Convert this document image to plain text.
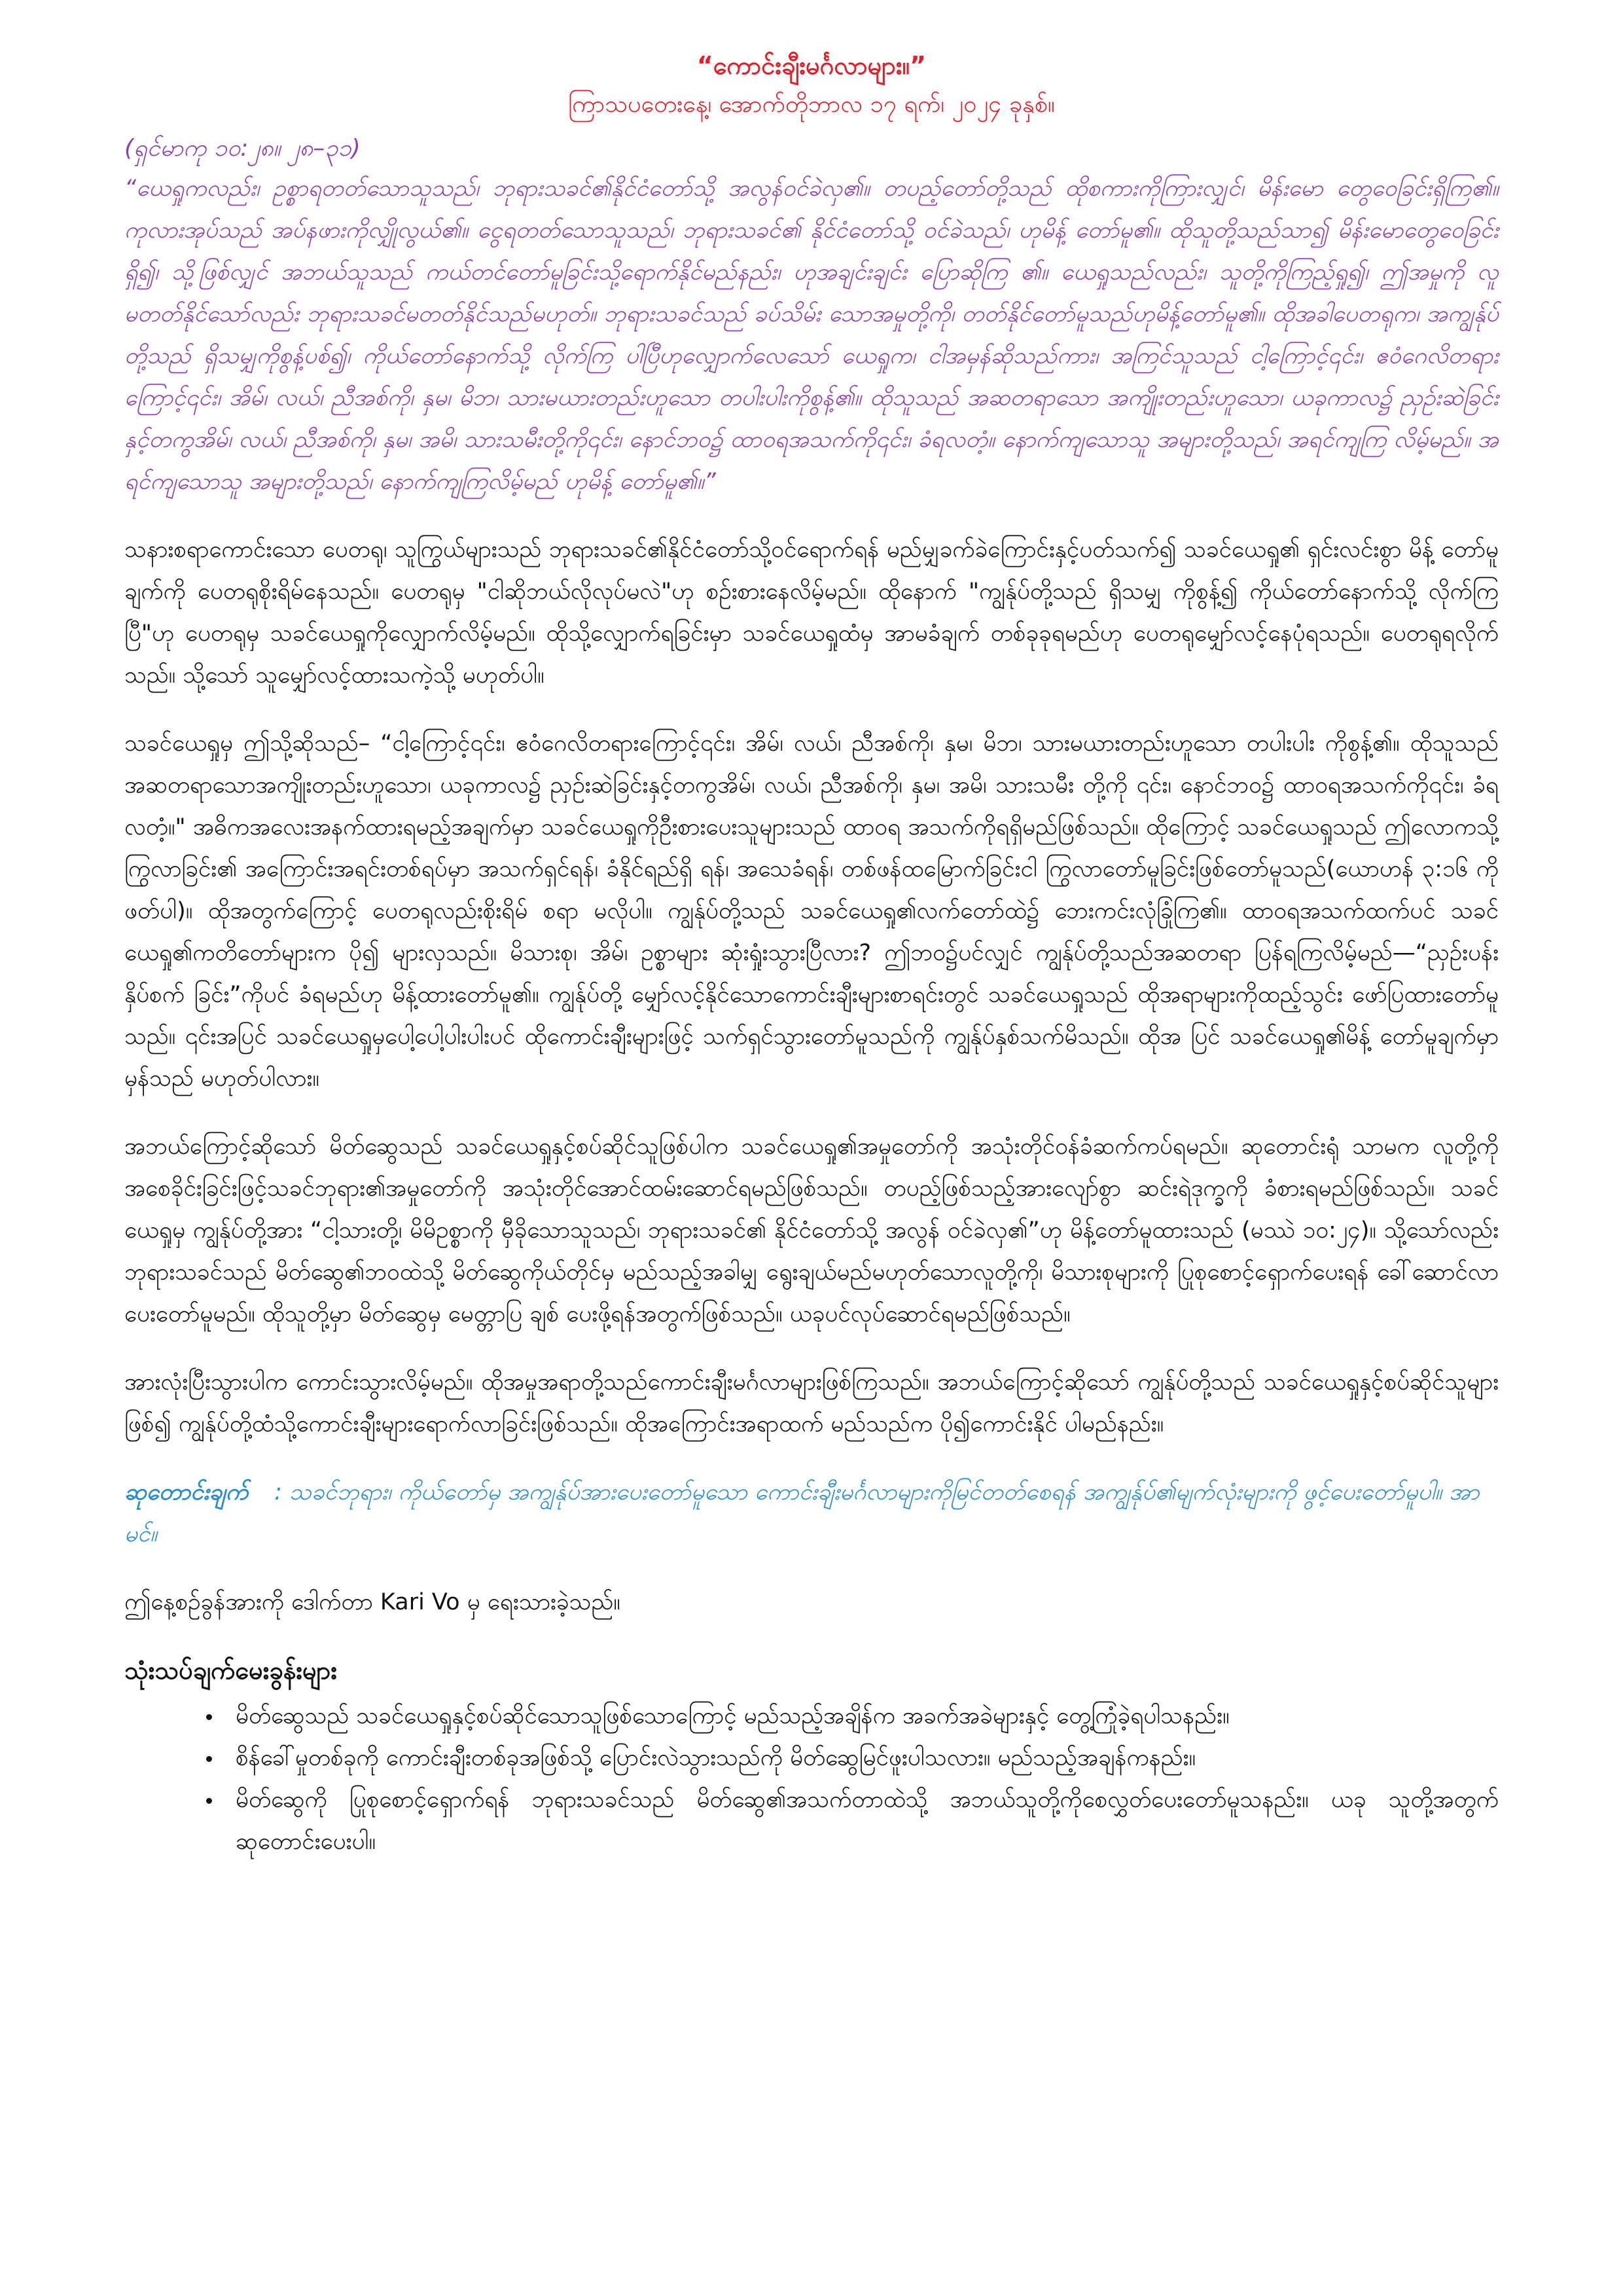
“ကောင်းချီးမင်္ဂလာများ။”

ကြာသပတေးနေ့၊ အောက်တိုဘာလ ၁၇ ရက်၊ ၂၀၂၄ ခုနှစ်။

(ရှင်မာကု ၁၀:၂၈။ ၂၈–၃၁)

“ယေရှုကလည်း၊ ဥစ္စာရတတ်သောသူသည်၊ ဘုရားသခင်၏နိုင်ငံတော်သို့ အလွန်ဝင်ခဲလှ၏။ တပည့်တော်တို့သည် ထိုစကားကိုကြားလျှင်၊ မိန်းမော တွေဝေခြင်းရှိကြ၏။ ကုလားအုပ်သည် အပ်နဖားကိုလျှိုလွယ်၏။ ငွေရတတ်သောသူသည်၊ ဘုရားသခင်၏ နိုင်ငံတော်သို့ ဝင်ခဲသည်၊ ဟုမိန့် တော်မူ၏။ ထိုသူတို့သည်သာ၍ မိန်းမောတွေဝေခြင်းရှိ၍၊ သို့ဖြစ်လျှင် အဘယ်သူသည် ကယ်တင်တော်မူခြင်းသို့ရောက်နိုင်မည်နည်း၊ ဟုအချင်းချင်း ပြောဆိုကြ ၏။ ယေရှုသည်လည်း၊ သူတို့ကိုကြည့်ရှု၍၊ ဤအမှုကို လူမတတ်နိုင်သော်လည်း ဘုရားသခင်မတတ်နိုင်သည်မဟုတ်။ ဘုရားသခင်သည် ခပ်သိမ်း သောအမှုတို့ကို၊ တတ်နိုင်တော်မူသည်ဟုမိန့်တော်မူ၏။ ထိုအခါပေတရုက၊ အကျွန်ုပ်တို့သည် ရှိသမျှကိုစွန့်ပစ်၍၊ ကိုယ်တော်နောက်သို့ လိုက်ကြ ပါပြီဟုလျှောက်လေသော် ယေရှုက၊ ငါအမှန်ဆိုသည်ကား၊ အကြင်သူသည် ငါ့ကြောင့်၎င်း၊ ဧဝံဂေလိတရားကြောင့်၎င်း၊ အိမ်၊ လယ်၊ ညီအစ်ကို၊ နှမ၊ မိဘ၊ သားမယားတည်းဟူသော တပါးပါးကိုစွန့်၏။ ထိုသူသည် အဆတရာသော အကျိုးတည်းဟူသော၊ ယခုကာလ၌ ညှဉ်းဆဲခြင်းနှင့်တကွအိမ်၊ လယ်၊ ညီအစ်ကို၊ နှမ၊ အမိ၊ သားသမီးတို့ကို၎င်း၊ နောင်ဘဝ၌ ထာဝရအသက်ကို၎င်း၊ ခံရလတံ့။ နောက်ကျသောသူ အများတို့သည်၊ အရင်ကျကြ လိမ့်မည်။ အရင်ကျသောသူ အများတို့သည်၊ နောက်ကျကြလိမ့်မည် ဟုမိန့် တော်မူ၏။”

သနားစရာကောင်းသော ပေတရု၊ သူကြွယ်များသည် ဘုရားသခင်၏နိုင်ငံတော်သို့ဝင်ရောက်ရန် မည်မျှခက်ခဲကြောင်းနှင့်ပတ်သက်၍ သခင်ယေရှု၏ ရှင်းလင်းစွာ မိန့် တော်မူချက်ကို ပေတရုစိုးရိမ်နေသည်။ ပေတရုမှ "ငါဆိုဘယ်လိုလုပ်မလဲ"ဟု စဉ်းစားနေလိမ့်မည်။ ထိုနောက် "ကျွန်ုပ်တို့သည် ရှိသမျှ ကိုစွန့်၍ ကိုယ်တော်နောက်သို့ လိုက်ကြပြီ"ဟု ပေတရုမှ သခင်ယေရှုကိုလျှောက်လိမ့်မည်။ ထိုသို့လျှောက်ရခြင်းမှာ သခင်ယေရှုထံမှ အာမခံချက် တစ်ခုခုရမည်ဟု ပေတရုမျှော်လင့်နေပုံရသည်။ ပေတရုရလိုက်သည်။ သို့သော် သူမျှော်လင့်ထားသကဲ့သို့ မဟုတ်ပါ။

သခင်ယေရှုမှ ဤသို့ဆိုသည်– “ငါ့ကြောင့်၎င်း၊ ဧဝံဂေလိတရားကြောင့်၎င်း၊ အိမ်၊ လယ်၊ ညီအစ်ကို၊ နှမ၊ မိဘ၊ သားမယားတည်းဟူသော တပါးပါး ကိုစွန့်၏။ ထိုသူသည် အဆတရာသောအကျိုးတည်းဟူသော၊ ယခုကာလ၌ ညှဉ်းဆဲခြင်းနှင့်တကွအိမ်၊ လယ်၊ ညီအစ်ကို၊ နှမ၊ အမိ၊ သားသမီး တို့ကို ၎င်း၊ နောင်ဘဝ၌ ထာဝရအသက်ကို၎င်း၊ ခံရလတံ့။" အဓိကအလေးအနက်ထားရမည့်အချက်မှာ သခင်ယေရှုကိုဦးစားပေးသူများသည် ထာဝရ အသက်ကိုရရှိမည်ဖြစ်သည်။ ထိုကြောင့် သခင်ယေရှုသည် ဤလောကသို့ကြွလာခြင်း၏ အကြောင်းအရင်းတစ်ရပ်မှာ အသက်ရှင်ရန်၊ ခံနိုင်ရည်ရှိ ရန်၊ အသေခံရန်၊ တစ်ဖန်ထမြောက်ခြင်းငါ ကြွလာတော်မူခြင်းဖြစ်တော်မူသည်(ယောဟန် ၃:၁၆ ကိုဖတ်ပါ)။ ထိုအတွက်ကြောင့် ပေတရုလည်းစိုးရိမ် စရာ မလိုပါ။ ကျွန်ုပ်တို့သည် သခင်ယေရှု၏လက်တော်ထဲ၌ ဘေးကင်းလုံခြုံကြ၏။ ထာဝရအသက်ထက်ပင် သခင်ယေရှု၏ကတိတော်များက ပို၍ များလှသည်။ မိသားစု၊ အိမ်၊ ဥစ္စာများ ဆုံးရှုံးသွားပြီလား? ဤဘဝ၌ပင်လျှင် ကျွန်ုပ်တို့သည်အဆတရာ ပြန်ရကြလိမ့်မည်—“ညှဉ်းပန်းနှိပ်စက် ခြင်း”ကိုပင် ခံရမည်ဟု မိန့်ထားတော်မူ၏။ ကျွန်ုပ်တို့ မျှော်လင့်နိုင်သောကောင်းချီးများစာရင်းတွင် သခင်ယေရှုသည် ထိုအရာများကိုထည့်သွင်း ဖော်ပြထားတော်မူသည်။ ၎င်းအပြင် သခင်ယေရှုမှပေါ့ပေါ့ပါးပါးပင် ထိုကောင်းချီးများဖြင့် သက်ရှင်သွားတော်မူသည်ကို ကျွန်ုပ်နှစ်သက်မိသည်။ ထိုအ ပြင် သခင်ယေရှု၏မိန့် တော်မူချက်မှာ မှန်သည် မဟုတ်ပါလား။

အဘယ်ကြောင့်ဆိုသော် မိတ်ဆွေသည် သခင်ယေရှုနှင့်စပ်ဆိုင်သူဖြစ်ပါက သခင်ယေရှု၏အမှုတော်ကို အသုံးတိုင်ဝန်ခံဆက်ကပ်ရမည်။ ဆုတောင်းရုံ သာမက လူတို့ကို အစေခိုင်းခြင်းဖြင့်သခင်ဘုရား၏အမှုတော်ကို အသုံးတိုင်အောင်ထမ်းဆောင်ရမည်ဖြစ်သည်။ တပည့်ဖြစ်သည့်အားလျော်စွာ ဆင်းရဲဒုက္ခကို ခံစားရမည်ဖြစ်သည်။ သခင်ယေရှုမှ ကျွန်ုပ်တို့အား “ငါ့သားတို့၊ မိမိဥစ္စာကို မှီခိုသောသူသည်၊ ဘုရားသခင်၏ နိုင်ငံတော်သို့ အလွန် ဝင်ခဲလှ၏”ဟု မိန့်တော်မူထားသည် (မဿဲ ၁၀:၂၄)။ သို့သော်လည်း ဘုရားသခင်သည် မိတ်ဆွေ၏ဘဝထဲသို့ မိတ်ဆွေကိုယ်တိုင်မှ မည်သည့်အခါမျှ ရွေးချယ်မည်မဟုတ်သောလူတို့ကို၊ မိသားစုများကို ပြုစုစောင့်ရှောက်ပေးရန် ခေါ်ဆောင်လာပေးတော်မူမည်။ ထိုသူတို့မှာ မိတ်ဆွေမှ မေတ္တာပြ ချစ် ပေးဖို့ရန်အတွက်ဖြစ်သည်။ ယခုပင်လုပ်ဆောင်ရမည်ဖြစ်သည်။

အားလုံးပြီးသွားပါက ကောင်းသွားလိမ့်မည်။ ထိုအမှုအရာတို့သည်ကောင်းချီးမင်္ဂလာများဖြစ်ကြသည်။ အဘယ်ကြောင့်ဆိုသော် ကျွန်ုပ်တို့သည် သခင်ယေရှုနှင့်စပ်ဆိုင်သူများဖြစ်၍ ကျွန်ုပ်တို့ထံသို့ကောင်းချီးများရောက်လာခြင်းဖြစ်သည်။ ထိုအကြောင်းအရာထက် မည်သည်က ပို၍ကောင်းနိုင် ပါမည်နည်း။

ဆုတောင်းချက် : သခင်ဘုရား၊ ကိုယ်တော်မှ အကျွန်ုပ်အားပေးတော်မူသော ကောင်းချီးမင်္ဂလာများကိုမြင်တတ်စေရန် အကျွန်ုပ်၏မျက်လုံးများကို ဖွင့်ပေးတော်မူပါ။ အာမင်။

ဤနေ့စဉ်ခွန်အားကို ဒေါက်တာ Kari Vo မှ ရေးသားခဲ့သည်။

သုံးသပ်ချက်မေးခွန်းများ

• မိတ်ဆွေသည် သခင်ယေရှုနှင့်စပ်ဆိုင်သောသူဖြစ်သောကြောင့် မည်သည့်အချိန်က အခက်အခဲများနှင့် တွေ့ကြုံခဲ့ရပါသနည်း။
• စိန်ခေါ်မှုတစ်ခုကို ကောင်းချီးတစ်ခုအဖြစ်သို့ ပြောင်းလဲသွားသည်ကို မိတ်ဆွေမြင်ဖူးပါသလား။ မည်သည့်အချန်ကနည်း။
• မိတ်ဆွေကို ပြုစုစောင့်ရှောက်ရန် ဘုရားသခင်သည် မိတ်ဆွေ၏အသက်တာထဲသို့ အဘယ်သူတို့ကိုစေလွှတ်ပေးတော်မူသနည်း။ ယခု သူတို့အတွက် ဆုတောင်းပေးပါ။
